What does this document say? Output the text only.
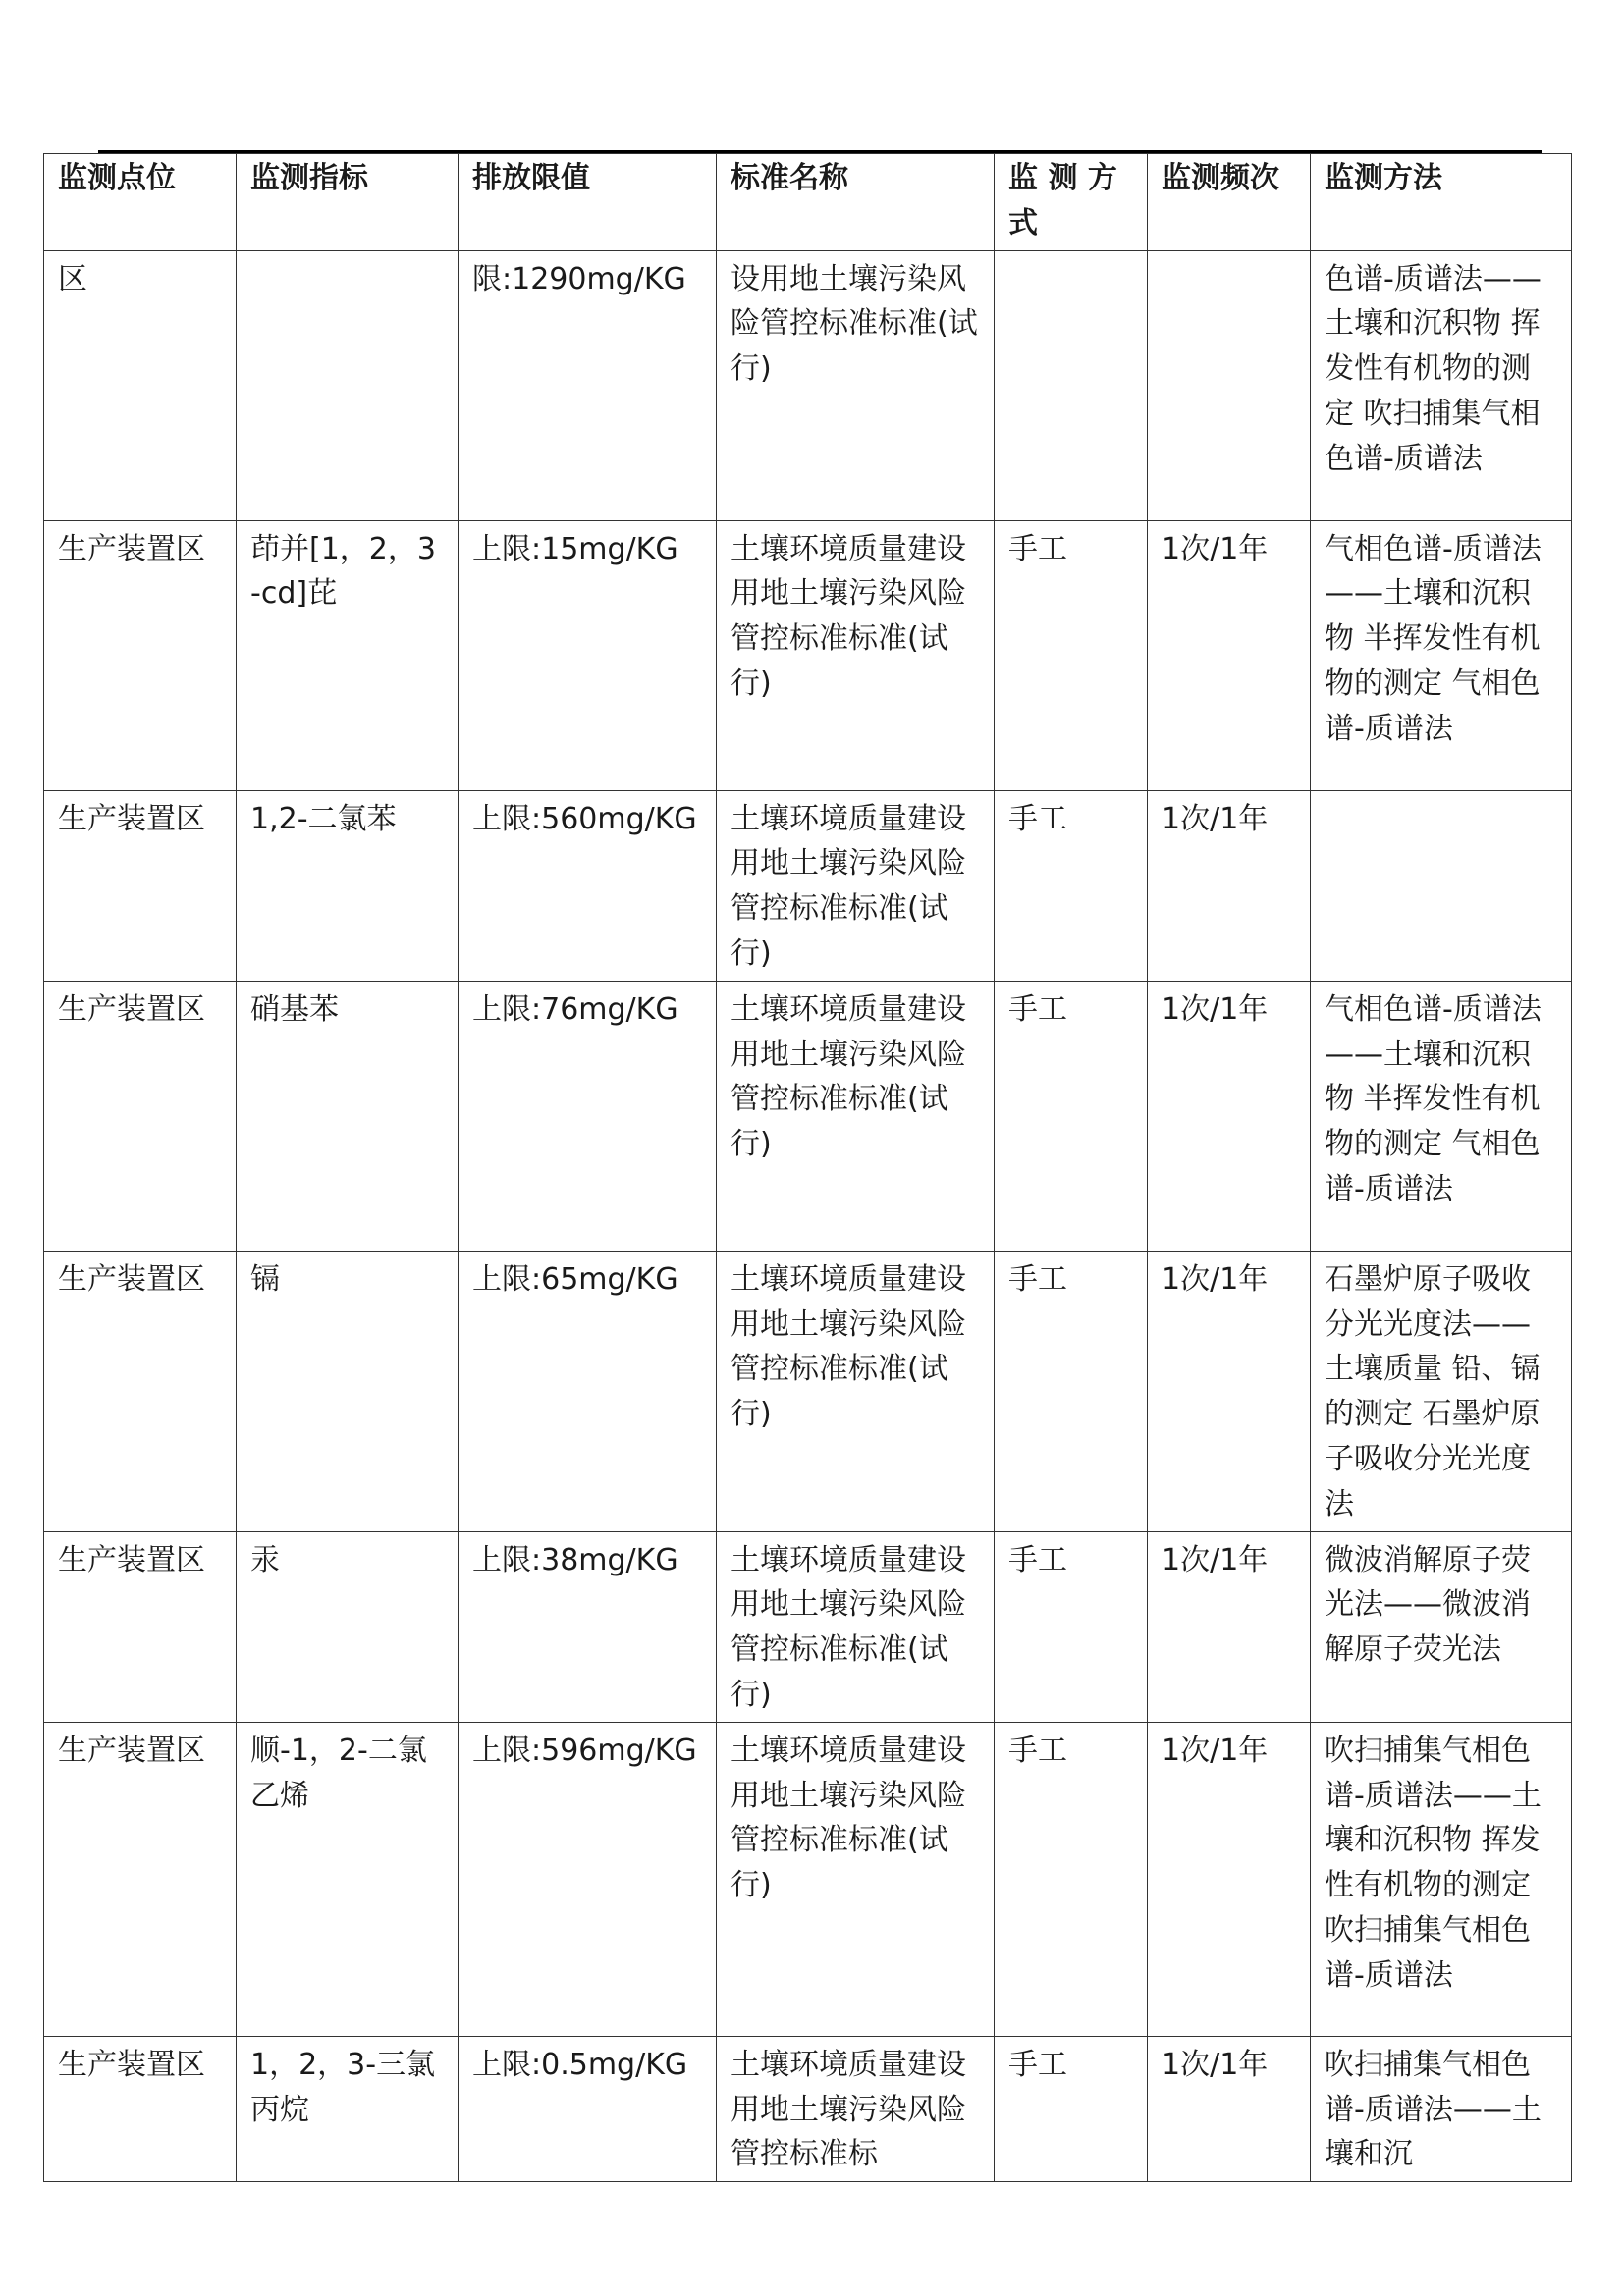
监测点位	监测指标	排放限值	标准名称	监 测 方式	监测频次	监测方法
区		限:1290mg/KG	设用地土壤污染风险管控标准标准(试行)			色谱-质谱法——土壤和沉积物 挥发性有机物的测定 吹扫捕集气相色谱-质谱法
生产装置区	茚并[1，2，3-cd]芘	上限:15mg/KG	土壤环境质量建设用地土壤污染风险管控标准标准(试行)	手工	1次/1年	气相色谱-质谱法——土壤和沉积物 半挥发性有机物的测定 气相色谱-质谱法
生产装置区	1,2-二氯苯	上限:560mg/KG	土壤环境质量建设用地土壤污染风险管控标准标准(试行)	手工	1次/1年	
生产装置区	硝基苯	上限:76mg/KG	土壤环境质量建设用地土壤污染风险管控标准标准(试行)	手工	1次/1年	气相色谱-质谱法——土壤和沉积物 半挥发性有机物的测定 气相色谱-质谱法
生产装置区	镉	上限:65mg/KG	土壤环境质量建设用地土壤污染风险管控标准标准(试行)	手工	1次/1年	石墨炉原子吸收分光光度法——土壤质量 铅、镉的测定 石墨炉原子吸收分光光度法
生产装置区	汞	上限:38mg/KG	土壤环境质量建设用地土壤污染风险管控标准标准(试行)	手工	1次/1年	微波消解原子荧光法——微波消解原子荧光法
生产装置区	顺-1，2-二氯乙烯	上限:596mg/KG	土壤环境质量建设用地土壤污染风险管控标准标准(试行)	手工	1次/1年	吹扫捕集气相色谱-质谱法——土壤和沉积物 挥发性有机物的测定 吹扫捕集气相色谱-质谱法
生产装置区	1，2，3-三氯丙烷	上限:0.5mg/KG	土壤环境质量建设用地土壤污染风险管控标准标	手工	1次/1年	吹扫捕集气相色谱-质谱法——土壤和沉
